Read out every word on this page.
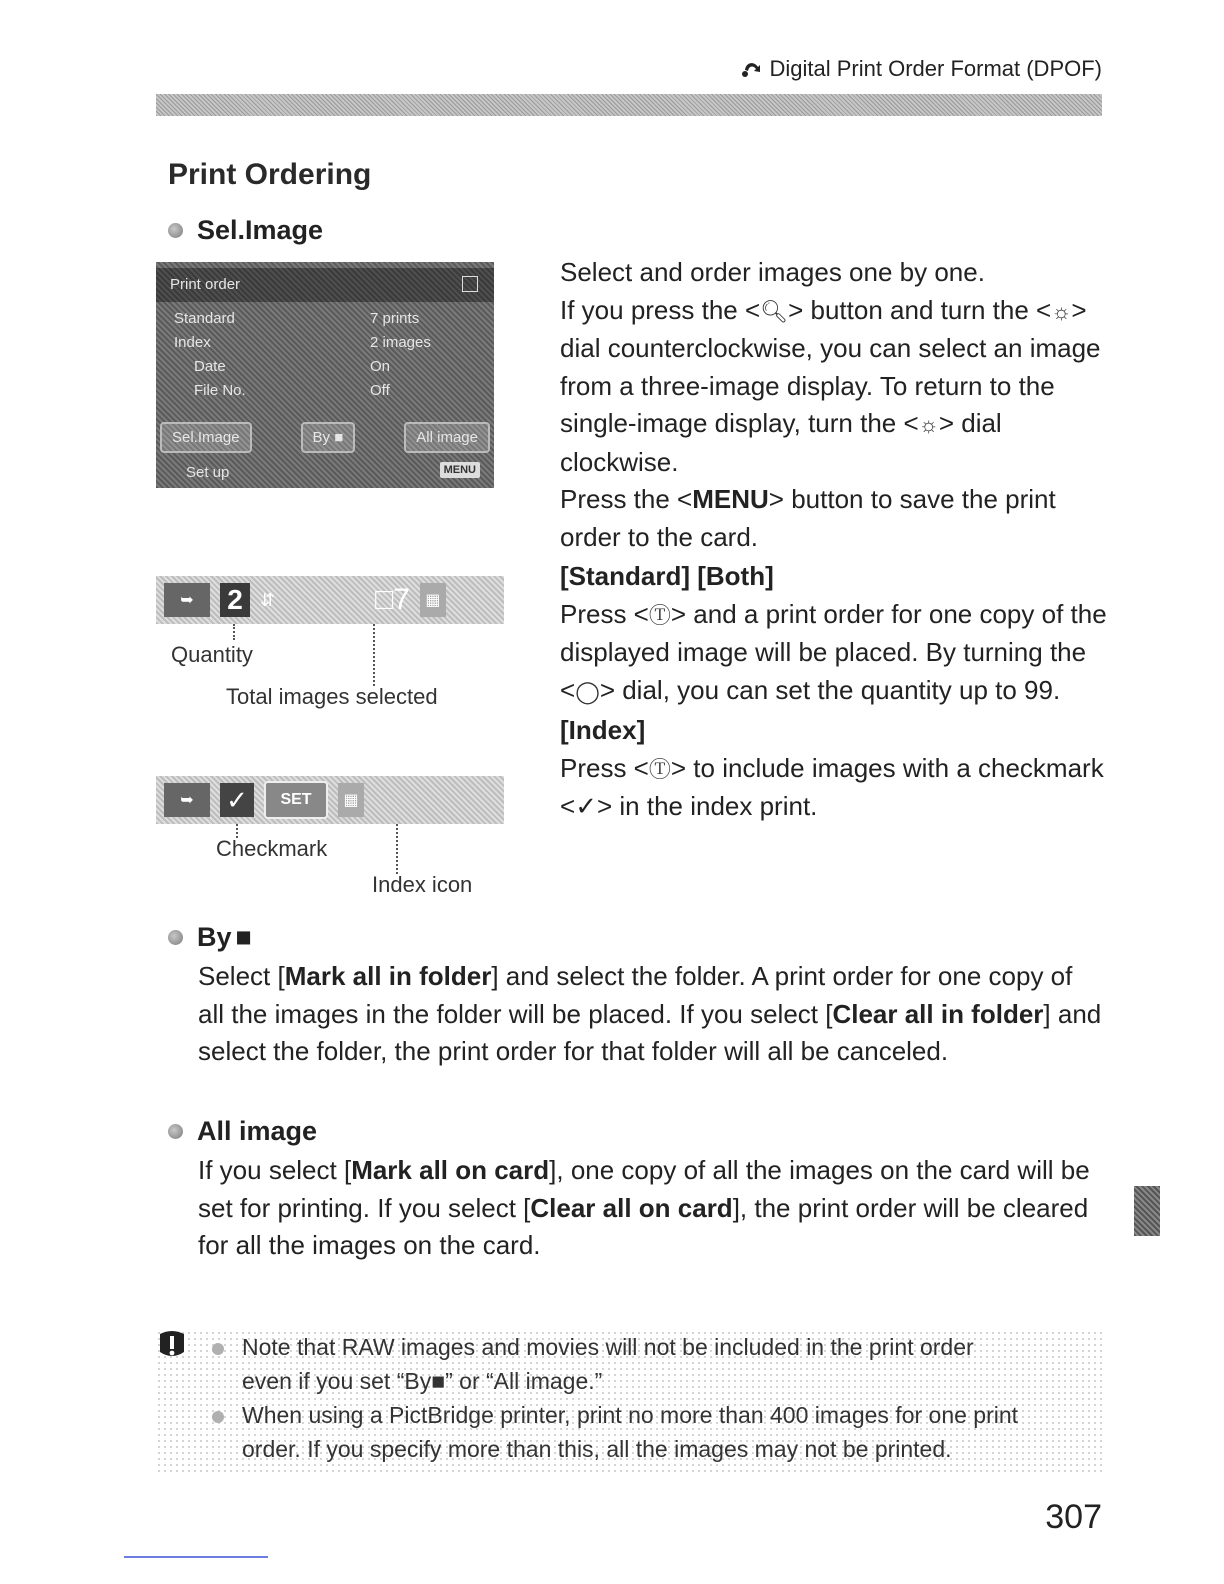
Digital Print Order Format (DPOF)
Print Ordering
Sel.Image
Print order
Standard	7 prints
Index	2 images
Date	On
File No.	Off
Sel.Image	By ■	All image
Set up	MENU
➥	2 ⇵	□7 ▦
Quantity
Total images selected
➥	✓	SET	▦
Checkmark
Index icon

Select and order images one by one.
If you press the <🔍︎> button and turn the <☼> dial counterclockwise, you can select an image from a three-image display. To return to the single-image display, turn the <☼> dial clockwise.
Press the <MENU> button to save the print order to the card.

[Standard] [Both]

Press <Ⓣ> and a print order for one copy of the displayed image will be placed. By turning the <◯> dial, you can set the quantity up to 99.

[Index]

Press <Ⓣ> to include images with a checkmark <✓> in the index print.

By ■
Select [Mark all in folder] and select the folder. A print order for one copy of all the images in the folder will be placed. If you select [Clear all in folder] and select the folder, the print order for that folder will all be canceled.
All image
If you select [Mark all on card], one copy of all the images on the card will be set for printing. If you select [Clear all on card], the print order will be cleared for all the images on the card.
Note that RAW images and movies will not be included in the print order
even if you set “By■” or “All image.”
When using a PictBridge printer, print no more than 400 images for one print
order. If you specify more than this, all the images may not be printed.
307
